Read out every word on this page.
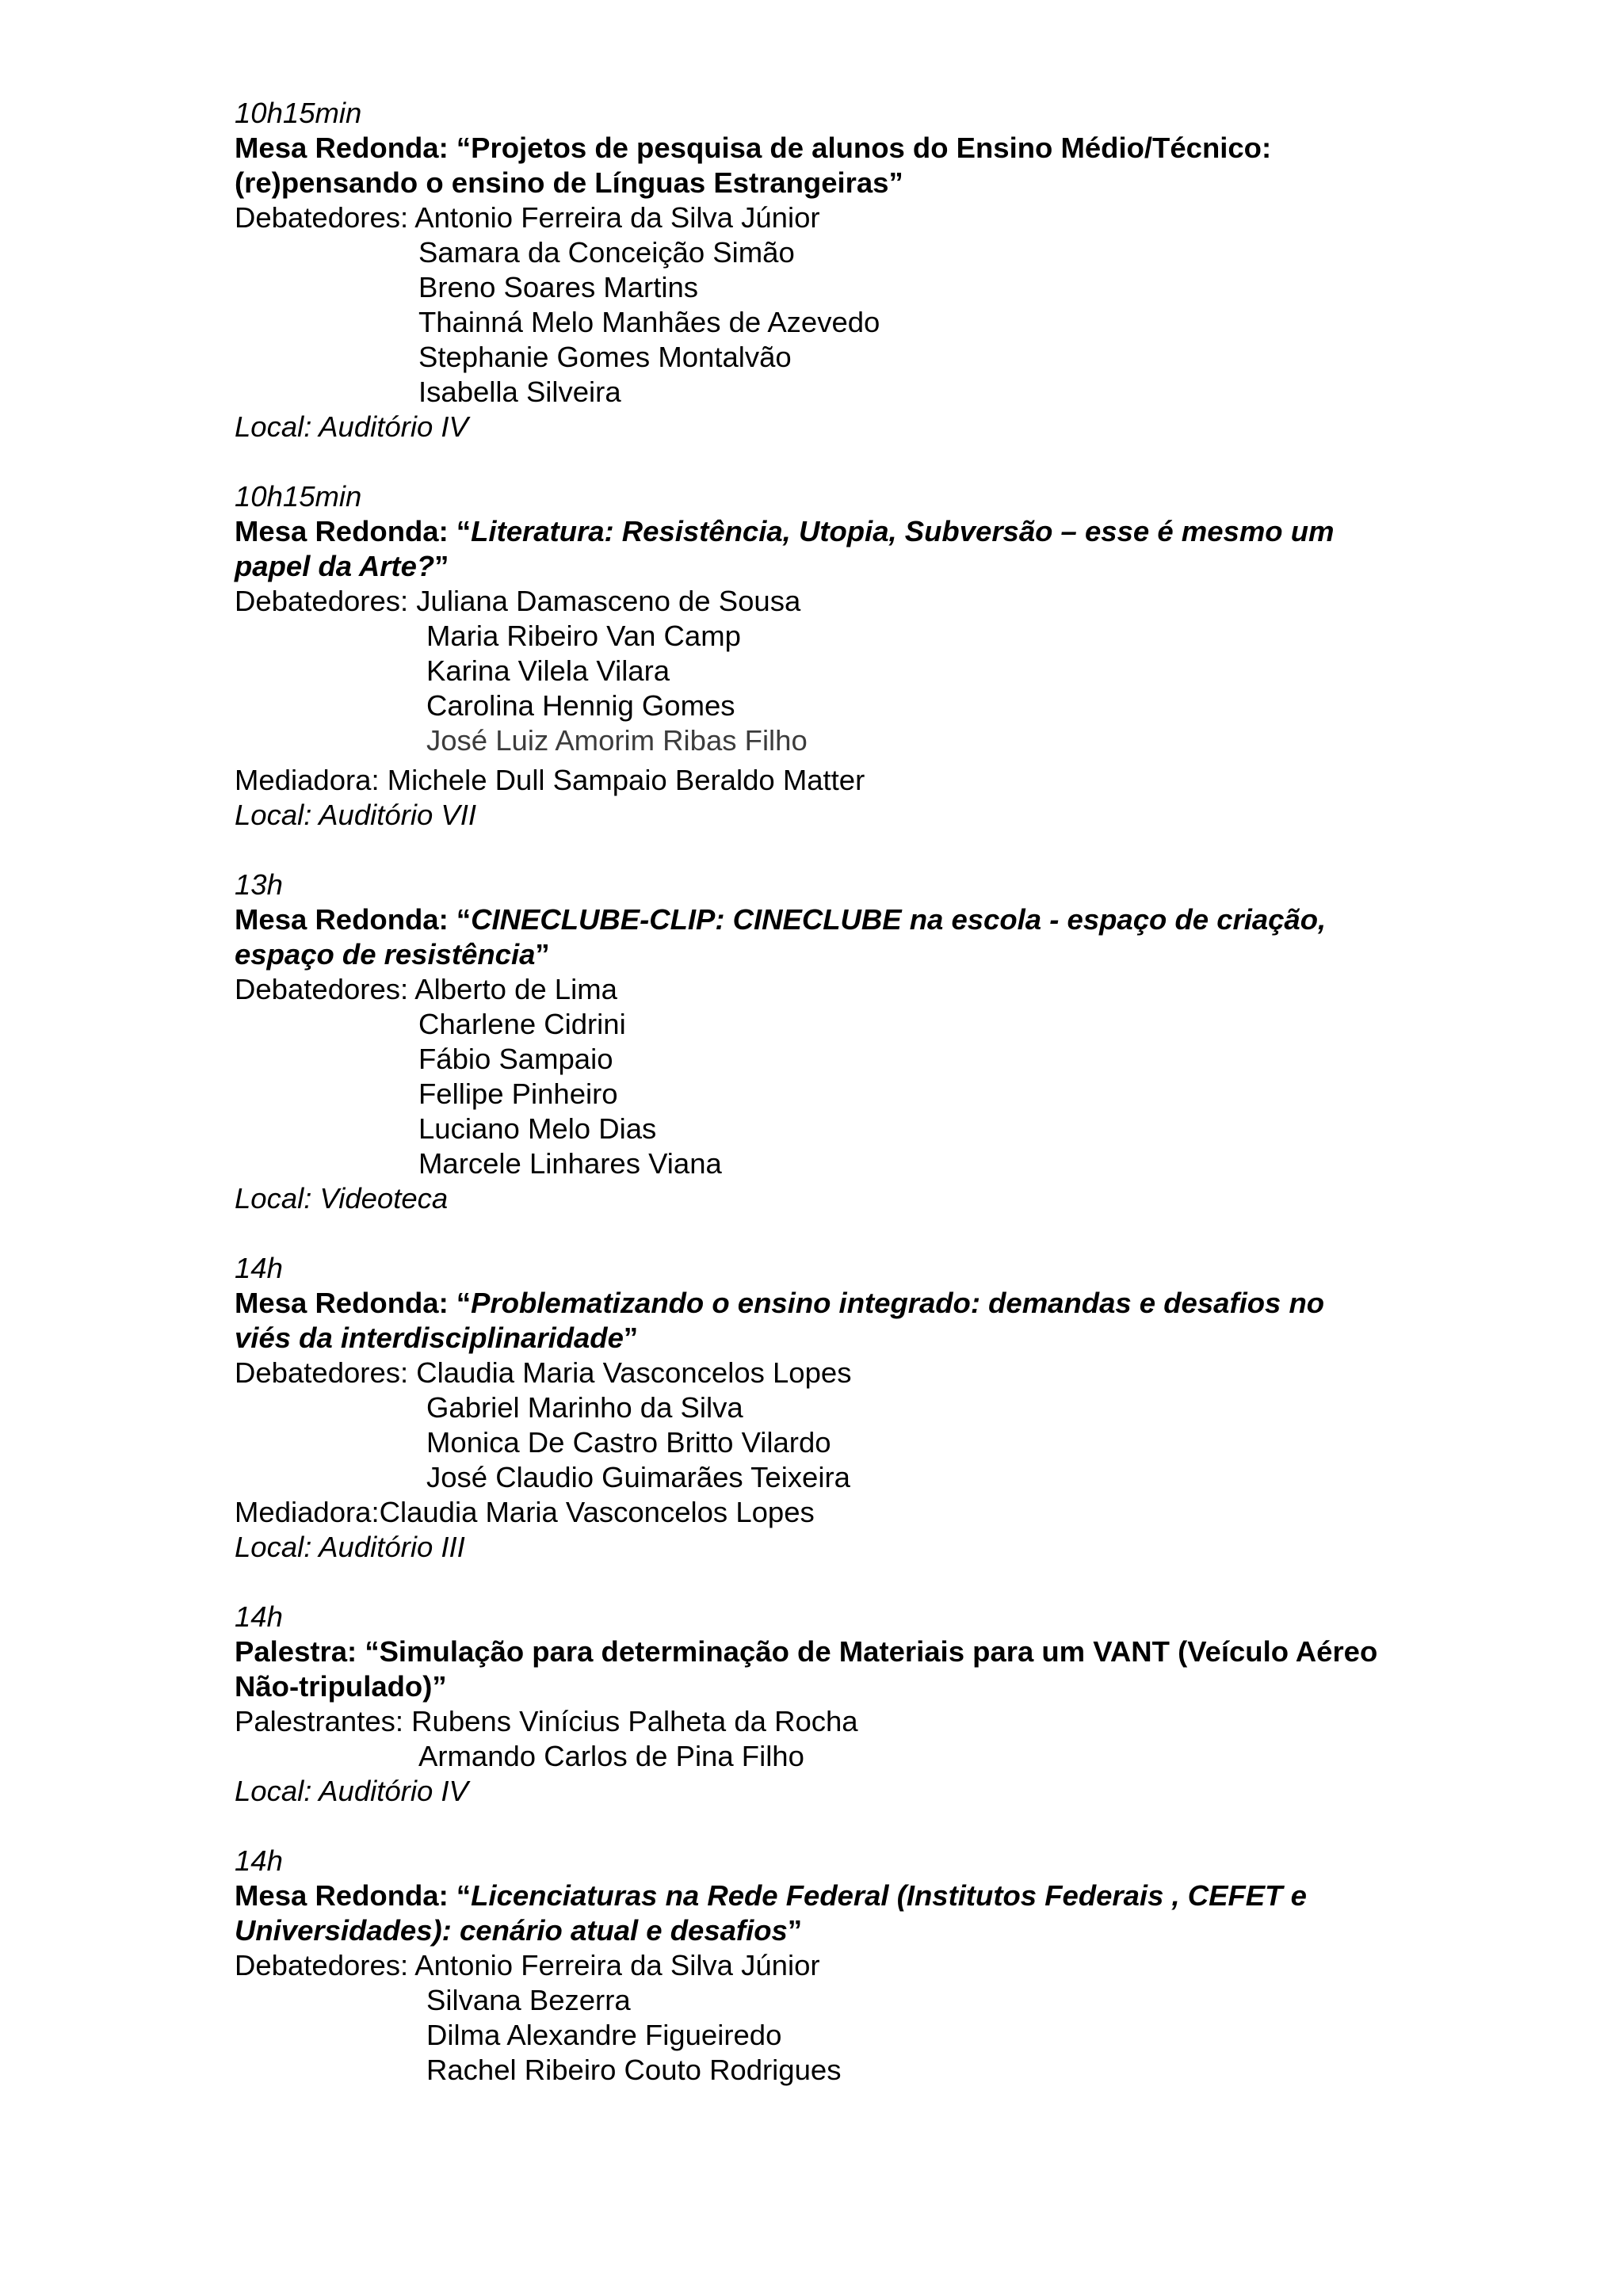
10h15min
Mesa Redonda: “Projetos de pesquisa de alunos do Ensino Médio/Técnico:
(re)pensando o ensino de Línguas Estrangeiras”
Debatedores: Antonio Ferreira da Silva Júnior
Samara da Conceição Simão
Breno Soares Martins
Thainná Melo Manhães de Azevedo
Stephanie Gomes Montalvão
Isabella Silveira
Local: Auditório IV
10h15min
Mesa Redonda: “Literatura: Resistência, Utopia, Subversão – esse é mesmo um
papel da Arte?”
Debatedores: Juliana Damasceno de Sousa
Maria Ribeiro Van Camp
Karina Vilela Vilara
Carolina Hennig Gomes
José Luiz Amorim Ribas Filho
Mediadora: Michele Dull Sampaio Beraldo Matter
Local: Auditório VII
13h
Mesa Redonda: “CINECLUBE-CLIP: CINECLUBE na escola - espaço de criação,
espaço de resistência”
Debatedores: Alberto de Lima
Charlene Cidrini
Fábio Sampaio
Fellipe Pinheiro
Luciano Melo Dias
Marcele Linhares Viana
Local: Videoteca
14h
Mesa Redonda: “Problematizando o ensino integrado: demandas e desafios no
viés da interdisciplinaridade”
Debatedores: Claudia Maria Vasconcelos Lopes
Gabriel Marinho da Silva
Monica De Castro Britto Vilardo
José Claudio Guimarães Teixeira
Mediadora:Claudia Maria Vasconcelos Lopes
Local: Auditório III
14h
Palestra: “Simulação para determinação de Materiais para um VANT (Veículo Aéreo
Não-tripulado)”
Palestrantes: Rubens Vinícius Palheta da Rocha
Armando Carlos de Pina Filho
Local: Auditório IV
14h
Mesa Redonda: “Licenciaturas na Rede Federal (Institutos Federais , CEFET e
Universidades): cenário atual e desafios”
Debatedores: Antonio Ferreira da Silva Júnior
Silvana Bezerra
Dilma Alexandre Figueiredo
Rachel Ribeiro Couto Rodrigues
